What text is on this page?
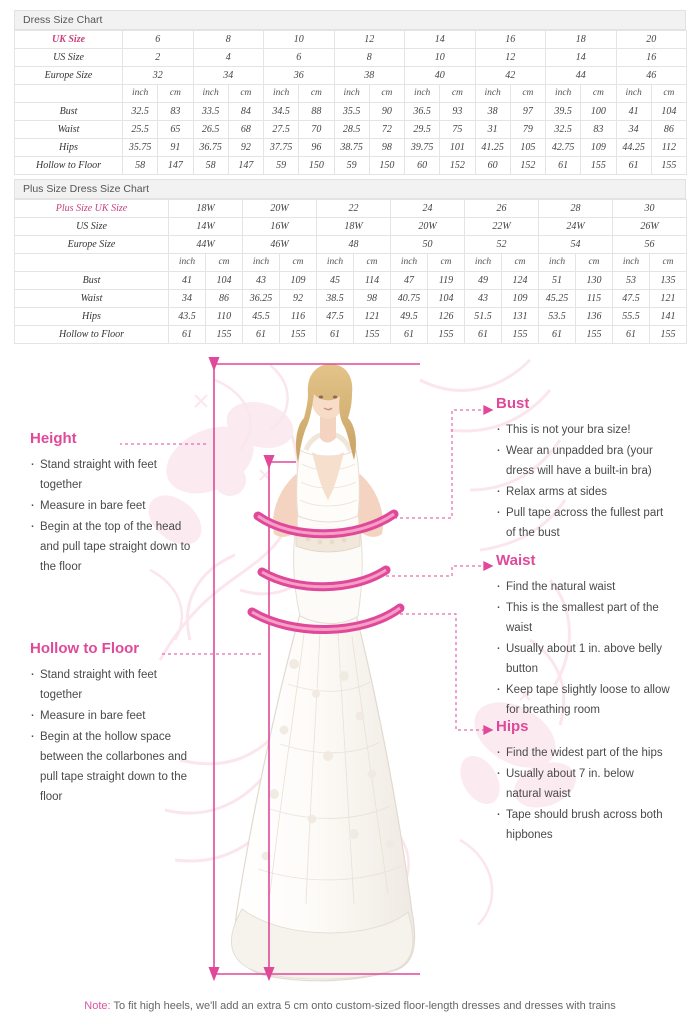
Dress Size Chart
UK Size	6		8		10		12		14		16		18		20	
US Size	2		4		6		8		10		12		14		16	
Europe Size	32		34		36		38		40		42		44		46	
	inch	cm	inch	cm	inch	cm	inch	cm	inch	cm	inch	cm	inch	cm	inch	cm
Bust	32.5	83	33.5	84	34.5	88	35.5	90	36.5	93	38	97	39.5	100	41	104
Waist	25.5	65	26.5	68	27.5	70	28.5	72	29.5	75	31	79	32.5	83	34	86
Hips	35.75	91	36.75	92	37.75	96	38.75	98	39.75	101	41.25	105	42.75	109	44.25	112
Hollow to Floor	58	147	58	147	59	150	59	150	60	152	60	152	61	155	61	155
Plus Size Dress Size Chart
Plus Size UK Size	18W		20W		22		24		26		28		30	
US Size	14W		16W		18W		20W		22W		24W		26W	
Europe Size	44W		46W		48		50		52		54		56	
	inch	cm	inch	cm	inch	cm	inch	cm	inch	cm	inch	cm	inch	cm
Bust	41	104	43	109	45	114	47	119	49	124	51	130	53	135
Waist	34	86	36.25	92	38.5	98	40.75	104	43	109	45.25	115	47.5	121
Hips	43.5	110	45.5	116	47.5	121	49.5	126	51.5	131	53.5	136	55.5	141
Hollow to Floor	61	155	61	155	61	155	61	155	61	155	61	155	61	155
Height
· Stand straight with feet together
· Measure in bare feet
· Begin at the top of the head and pull tape straight down to the floor
Hollow to Floor
· Stand straight with feet together
· Measure in bare feet
· Begin at the hollow space between the collarbones and pull tape straight down to the floor
Bust
· This is not your bra size!
· Wear an unpadded bra (your dress will have a built-in bra)
· Relax arms at sides
· Pull tape across the fullest part of the bust
Waist
· Find the natural waist
· This is the smallest part of the waist
· Usually about 1 in. above belly button
· Keep tape slightly loose to allow for breathing room
Hips
· Find the widest part of the hips
· Usually about 7 in. below natural waist
· Tape should brush across both hipbones
Note: To fit high heels, we'll add an extra 5 cm onto custom-sized floor-length dresses and dresses with trains
